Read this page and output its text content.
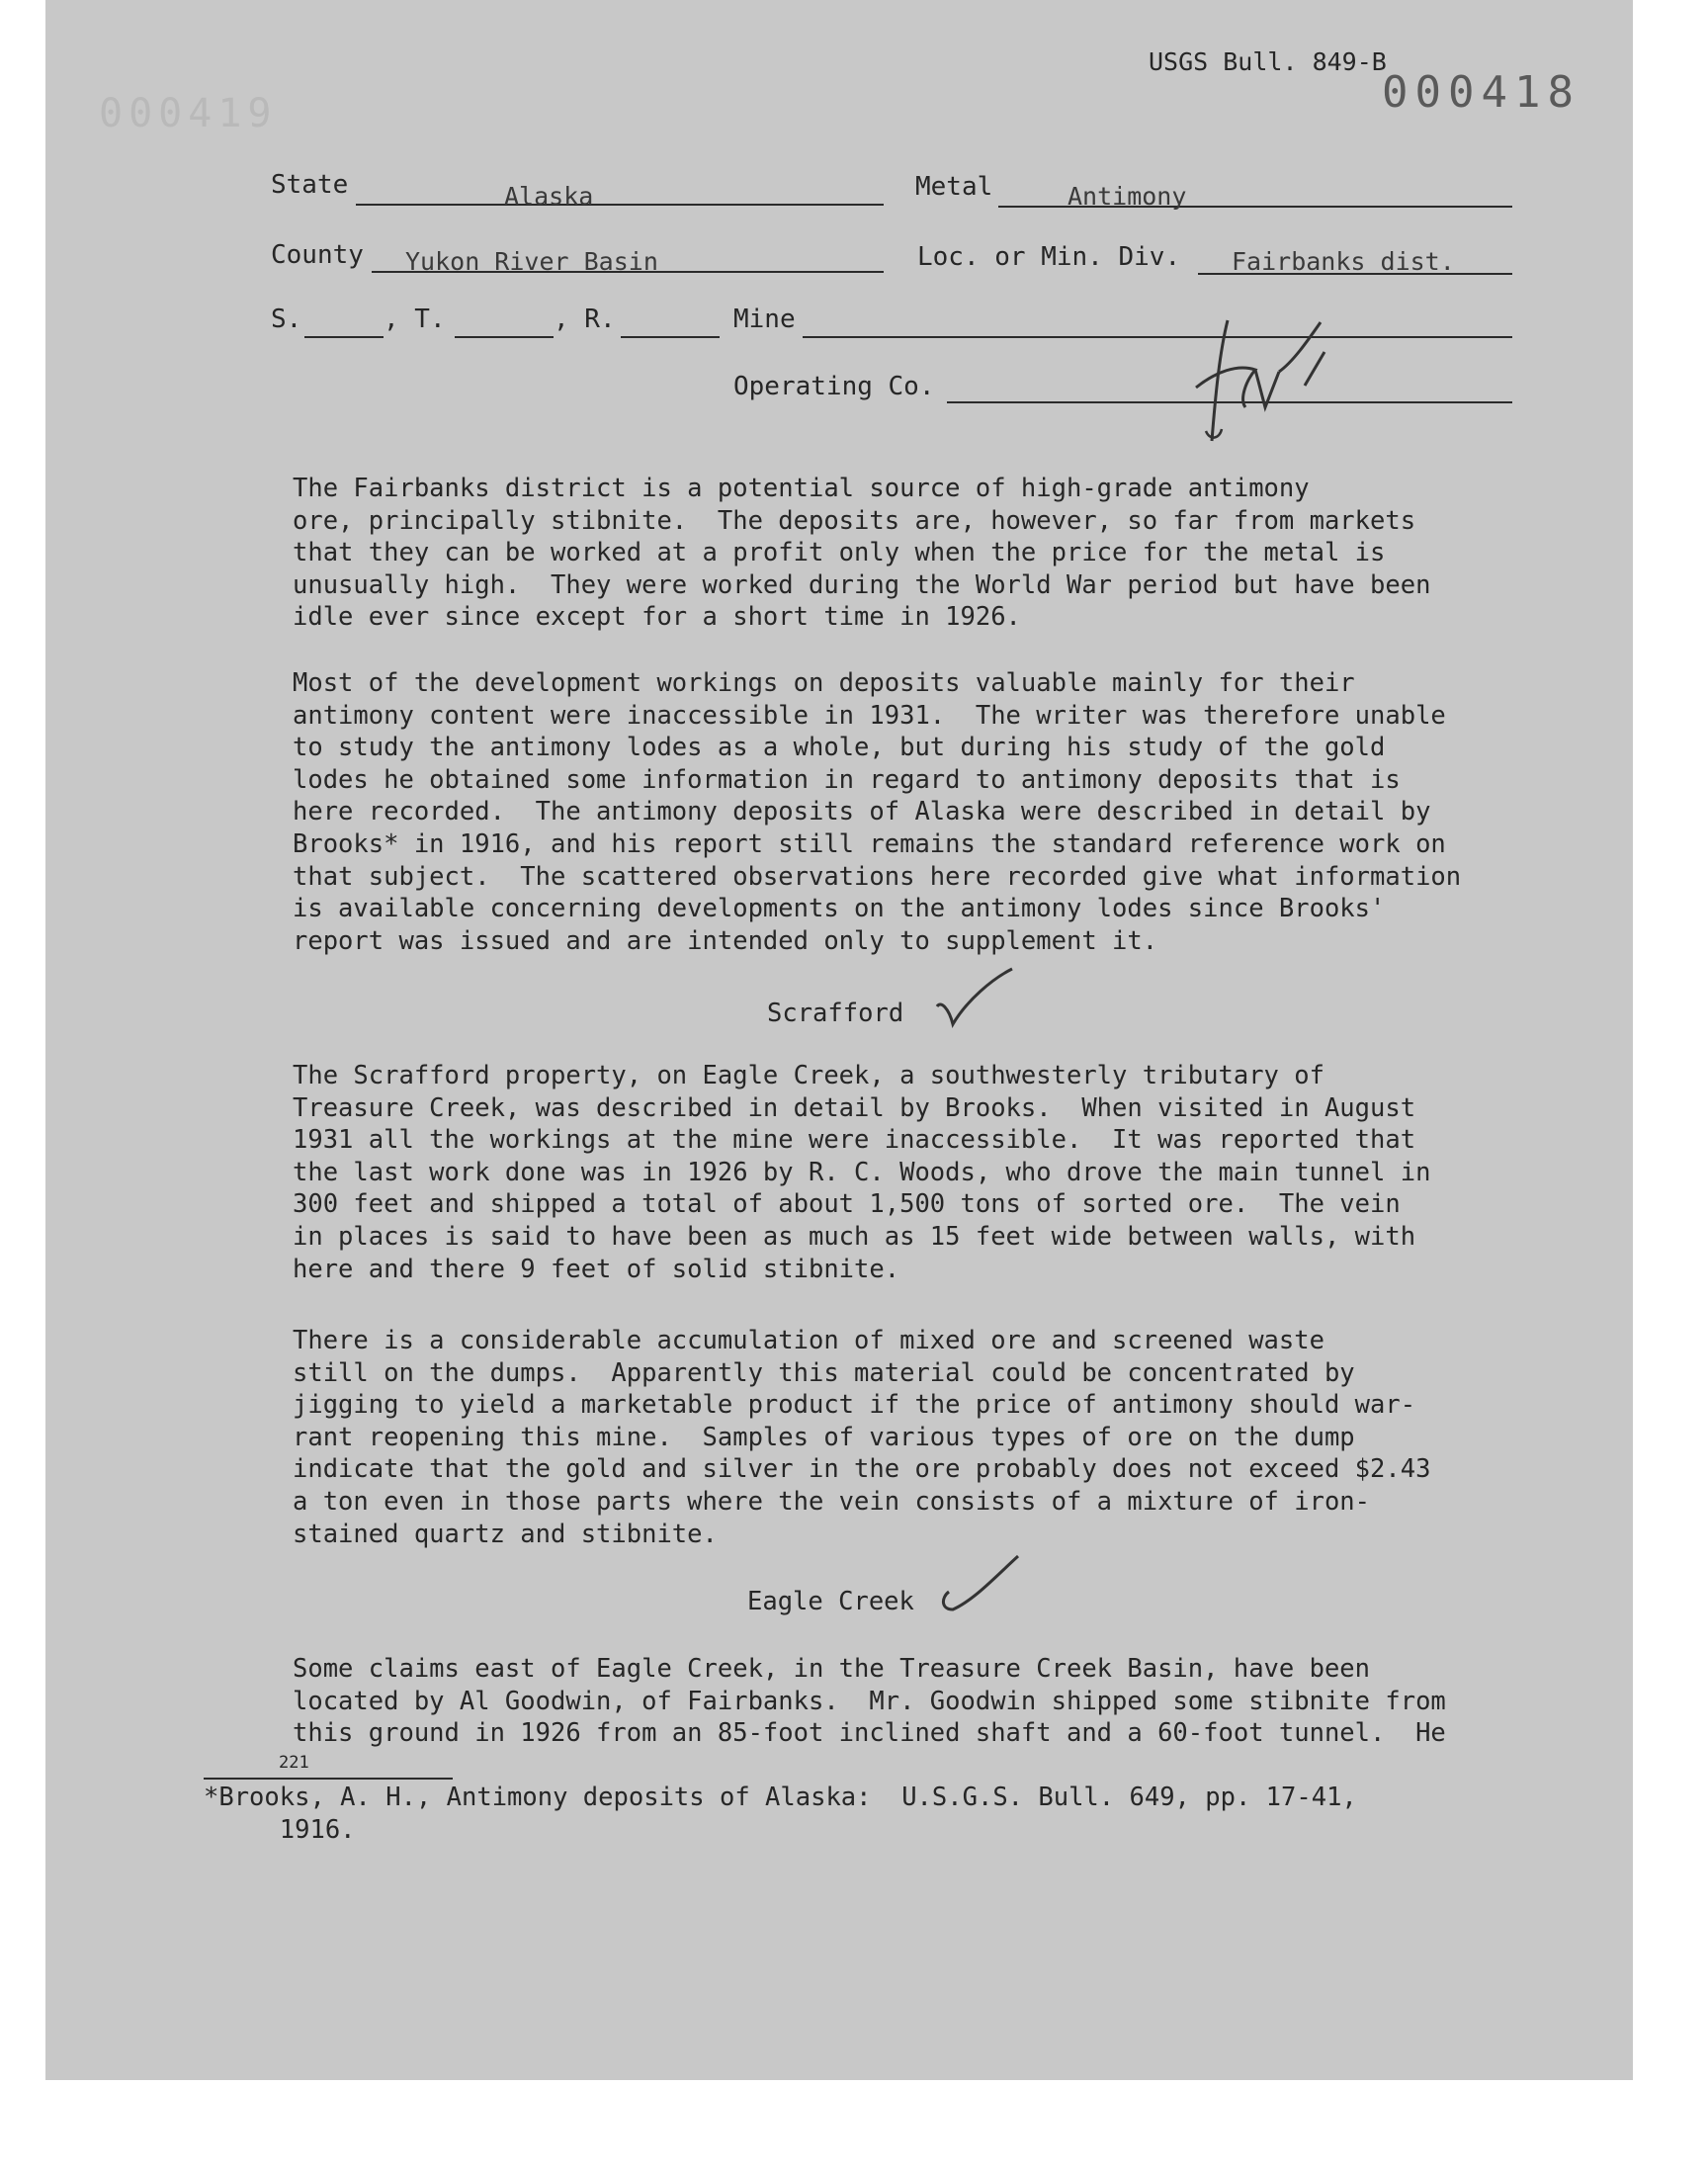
USGS Bull. 849-B
000418
000419
State	Alaska	Metal	Antimony
County Yukon River Basin	Loc. or Min. Div. Fairbanks dist.
S.	, T.	, R.	Mine
Operating Co.
The Fairbanks district is a potential source of high-grade antimony
ore, principally stibnite.  The deposits are, however, so far from markets
that they can be worked at a profit only when the price for the metal is
unusually high.  They were worked during the World War period but have been
idle ever since except for a short time in 1926.
Most of the development workings on deposits valuable mainly for their
antimony content were inaccessible in 1931.  The writer was therefore unable
to study the antimony lodes as a whole, but during his study of the gold
lodes he obtained some information in regard to antimony deposits that is
here recorded.  The antimony deposits of Alaska were described in detail by
Brooks* in 1916, and his report still remains the standard reference work on
that subject.  The scattered observations here recorded give what information
is available concerning developments on the antimony lodes since Brooks'
report was issued and are intended only to supplement it.
Scrafford
The Scrafford property, on Eagle Creek, a southwesterly tributary of
Treasure Creek, was described in detail by Brooks.  When visited in August
1931 all the workings at the mine were inaccessible.  It was reported that
the last work done was in 1926 by R. C. Woods, who drove the main tunnel in
300 feet and shipped a total of about 1,500 tons of sorted ore.  The vein
in places is said to have been as much as 15 feet wide between walls, with
here and there 9 feet of solid stibnite.
There is a considerable accumulation of mixed ore and screened waste
still on the dumps.  Apparently this material could be concentrated by
jigging to yield a marketable product if the price of antimony should war-
rant reopening this mine.  Samples of various types of ore on the dump
indicate that the gold and silver in the ore probably does not exceed $2.43
a ton even in those parts where the vein consists of a mixture of iron-
stained quartz and stibnite.
Eagle Creek
Some claims east of Eagle Creek, in the Treasure Creek Basin, have been
located by Al Goodwin, of Fairbanks.  Mr. Goodwin shipped some stibnite from
this ground in 1926 from an 85-foot inclined shaft and a 60-foot tunnel.  He
221
*Brooks, A. H., Antimony deposits of Alaska:  U.S.G.S. Bull. 649, pp. 17-41,
1916.
